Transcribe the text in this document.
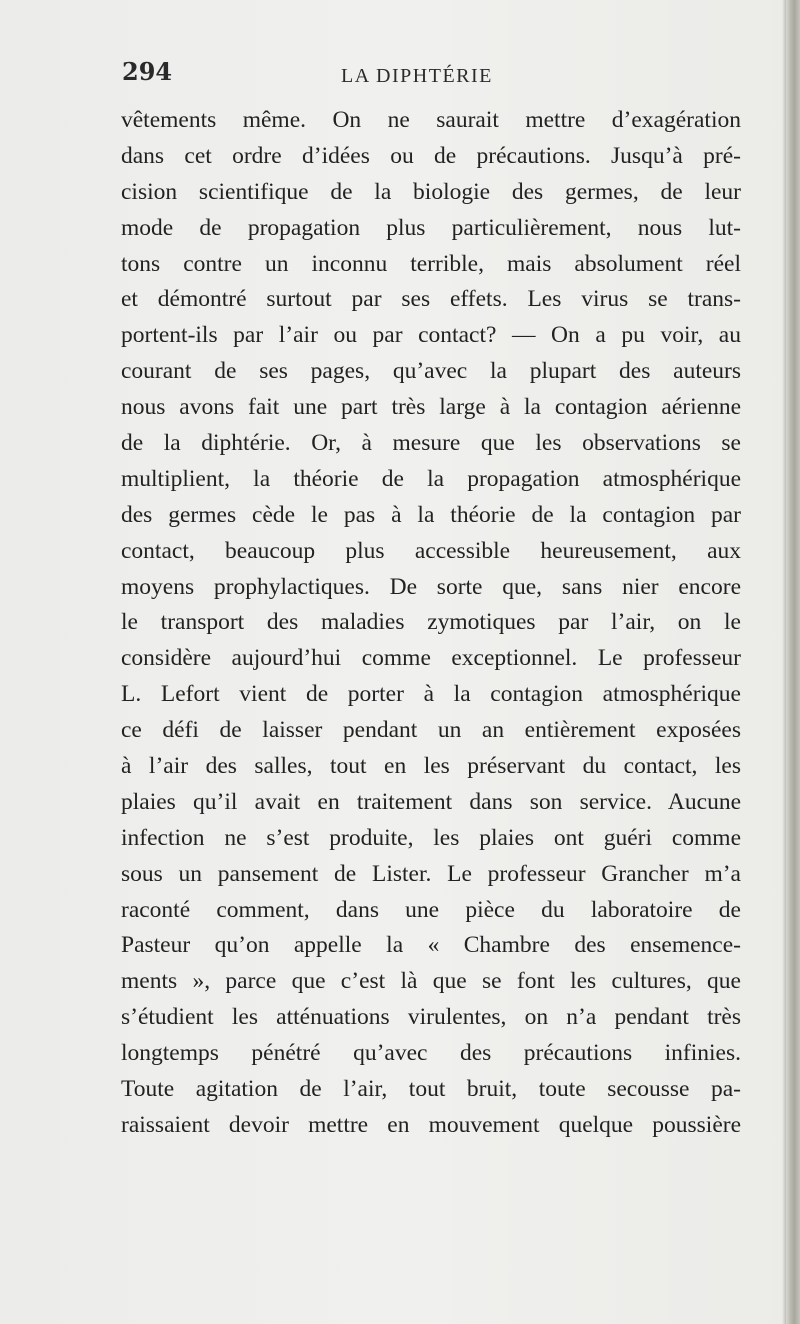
294	LA DIPHTÉRIE
vêtements même. On ne saurait mettre d’exagération
dans cet ordre d’idées ou de précautions. Jusqu’à pré-
cision scientifique de la biologie des germes, de leur
mode de propagation plus particulièrement, nous lut-
tons contre un inconnu terrible, mais absolument réel
et démontré surtout par ses effets. Les virus se trans-
portent-ils par l’air ou par contact? — On a pu voir, au
courant de ses pages, qu’avec la plupart des auteurs
nous avons fait une part très large à la contagion aérienne
de la diphtérie. Or, à mesure que les observations se
multiplient, la théorie de la propagation atmosphérique
des germes cède le pas à la théorie de la contagion par
contact, beaucoup plus accessible heureusement, aux
moyens prophylactiques. De sorte que, sans nier encore
le transport des maladies zymotiques par l’air, on le
considère aujourd’hui comme exceptionnel. Le professeur
L. Lefort vient de porter à la contagion atmosphérique
ce défi de laisser pendant un an entièrement exposées
à l’air des salles, tout en les préservant du contact, les
plaies qu’il avait en traitement dans son service. Aucune
infection ne s’est produite, les plaies ont guéri comme
sous un pansement de Lister. Le professeur Grancher m’a
raconté comment, dans une pièce du laboratoire de
Pasteur qu’on appelle la « Chambre des ensemence-
ments », parce que c’est là que se font les cultures, que
s’étudient les atténuations virulentes, on n’a pendant très
longtemps pénétré qu’avec des précautions infinies.
Toute agitation de l’air, tout bruit, toute secousse pa-
raissaient devoir mettre en mouvement quelque poussière
